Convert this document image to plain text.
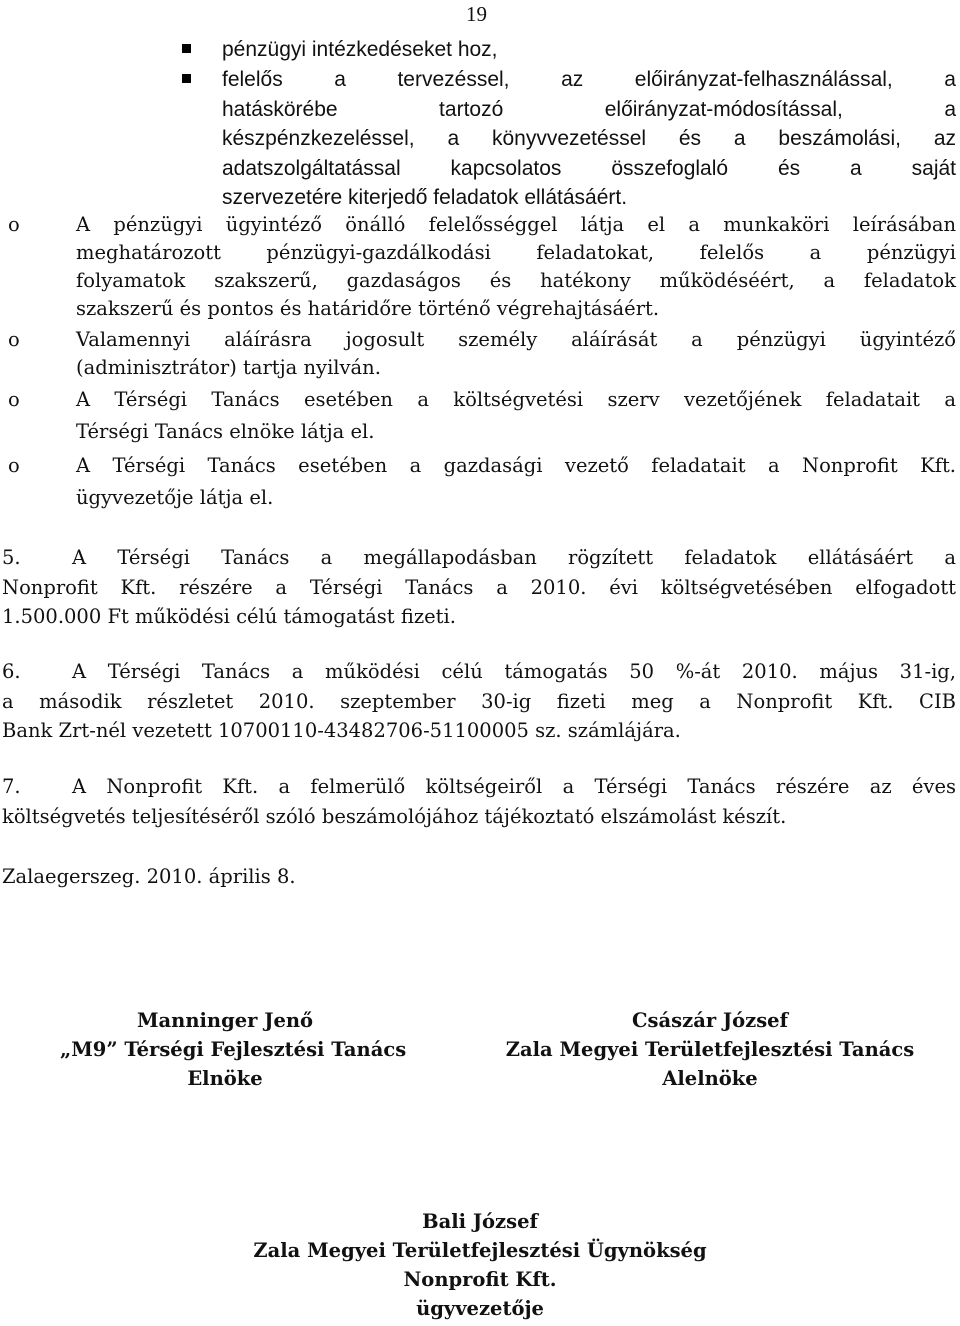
19
pénzügyi intézkedéseket hoz,
felelős a tervezéssel, az előirányzat-felhasználással, a
hatáskörébe tartozó előirányzat-módosítással, a
készpénzkezeléssel, a könyvvezetéssel és a beszámolási, az
adatszolgáltatással kapcsolatos összefoglaló és a saját
szervezetére kiterjedő feladatok ellátásáért.
o	A pénzügyi ügyintéző önálló felelősséggel látja el a munkaköri leírásában
meghatározott pénzügyi-gazdálkodási feladatokat, felelős a pénzügyi
folyamatok szakszerű, gazdaságos és hatékony működéséért, a feladatok
szakszerű és pontos és határidőre történő végrehajtásáért.
o	Valamennyi aláírásra jogosult személy aláírását a pénzügyi ügyintéző
(adminisztrátor) tartja nyilván.
o	A Térségi Tanács esetében a költségvetési szerv vezetőjének feladatait a
Térségi Tanács elnöke látja el.
o	A Térségi Tanács esetében a gazdasági vezető feladatait a Nonprofit Kft.
ügyvezetője látja el.
5.	A Térségi Tanács a megállapodásban rögzített feladatok ellátásáért a
Nonprofit Kft. részére a Térségi Tanács a 2010. évi költségvetésében elfogadott
1.500.000 Ft működési célú támogatást fizeti.
6.	A Térségi Tanács a működési célú támogatás 50 %-át 2010. május 31-ig,
a második részletet 2010. szeptember 30-ig fizeti meg a Nonprofit Kft. CIB
Bank Zrt-nél vezetett 10700110-43482706-51100005 sz. számlájára.
7.	A Nonprofit Kft. a felmerülő költségeiről a Térségi Tanács részére az éves
költségvetés teljesítéséről szóló beszámolójához tájékoztató elszámolást készít.
Zalaegerszeg. 2010. április 8.
Manninger Jenő
„M9” Térségi Fejlesztési Tanács
Elnöke
Császár József
Zala Megyei Területfejlesztési Tanács
Alelnöke
Bali József
Zala Megyei Területfejlesztési Ügynökség
Nonprofit Kft.
ügyvezetője
